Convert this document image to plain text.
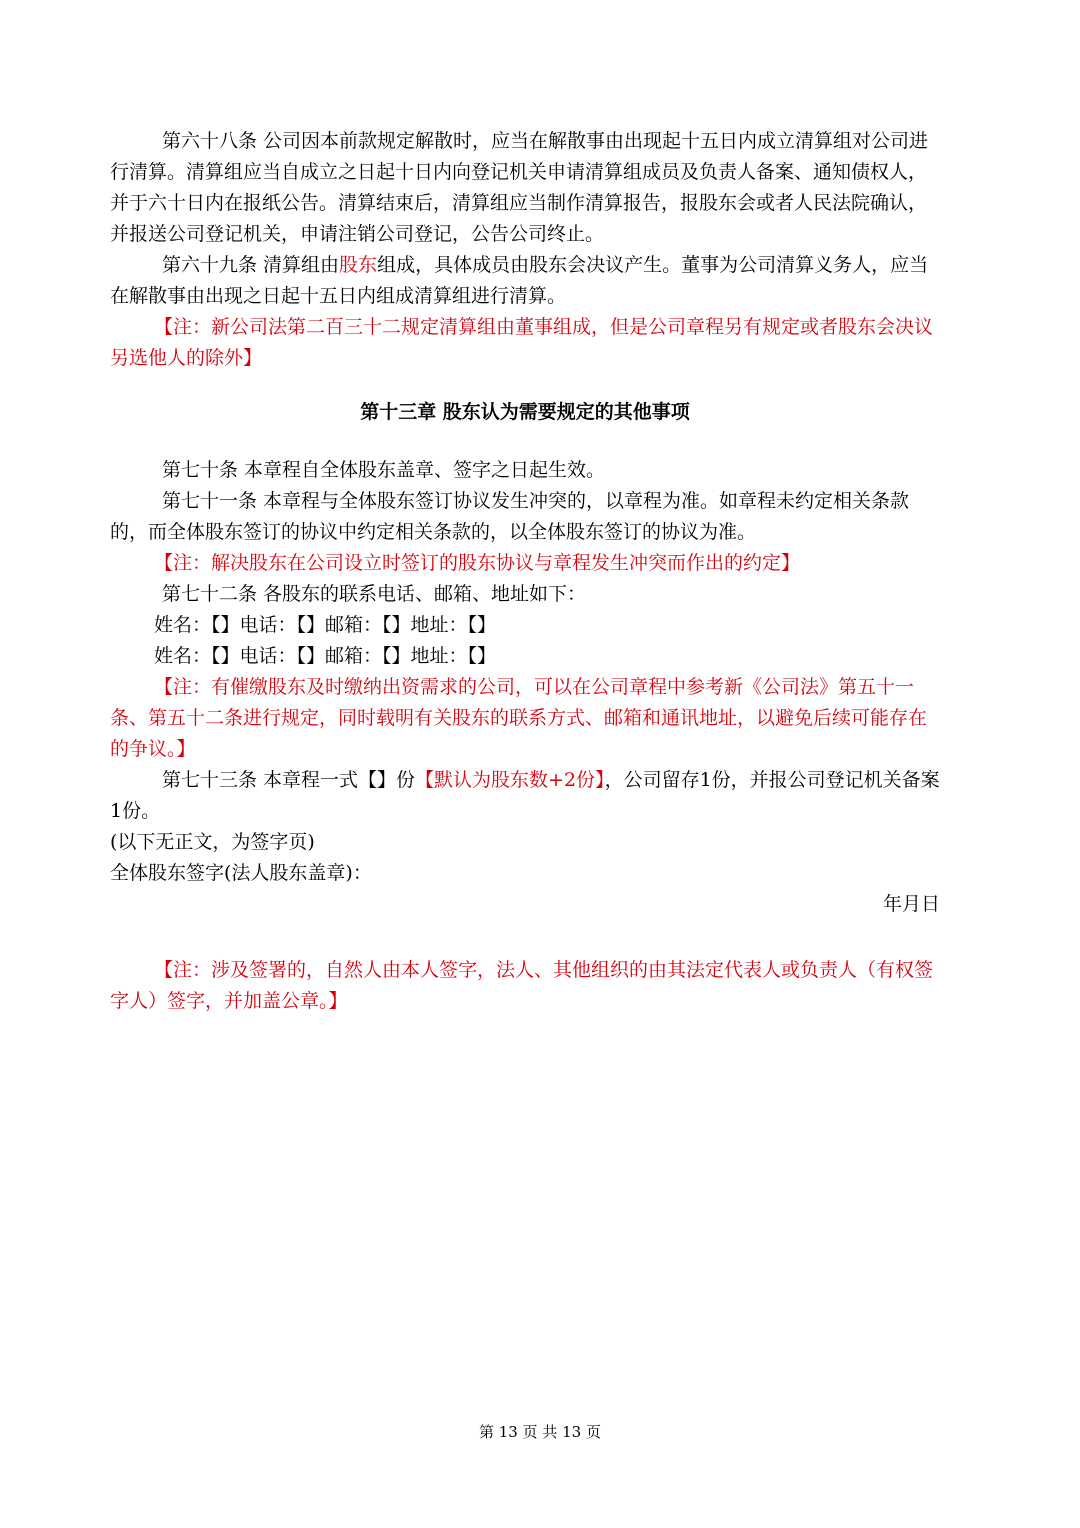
第六十八条 公司因本前款规定解散时，应当在解散事由出现起十五日内成立清算组对公司进行清算。清算组应当自成立之日起十日内向登记机关申请清算组成员及负责人备案、通知债权人，并于六十日内在报纸公告。清算结束后，清算组应当制作清算报告，报股东会或者人民法院确认，并报送公司登记机关，申请注销公司登记，公告公司终止。

第六十九条 清算组由股东组成，具体成员由股东会决议产生。董事为公司清算义务人，应当在解散事由出现之日起十五日内组成清算组进行清算。

【注：新公司法第二百三十二规定清算组由董事组成，但是公司章程另有规定或者股东会决议另选他人的除外】

第十三章 股东认为需要规定的其他事项

第七十条 本章程自全体股东盖章、签字之日起生效。

第七十一条 本章程与全体股东签订协议发生冲突的，以章程为准。如章程未约定相关条款的，而全体股东签订的协议中约定相关条款的，以全体股东签订的协议为准。

【注：解决股东在公司设立时签订的股东协议与章程发生冲突而作出的约定】

第七十二条 各股东的联系电话、邮箱、地址如下：

姓名：【】电话：【】邮箱：【】地址：【】

姓名：【】电话：【】邮箱：【】地址：【】

【注：有催缴股东及时缴纳出资需求的公司，可以在公司章程中参考新《公司法》第五十一条、第五十二条进行规定，同时载明有关股东的联系方式、邮箱和通讯地址，以避免后续可能存在的争议。】

第七十三条 本章程一式【】份【默认为股东数+2份】，公司留存1份，并报公司登记机关备案1份。

(以下无正文，为签字页)

全体股东签字(法人股东盖章)：

年月日

【注：涉及签署的，自然人由本人签字，法人、其他组织的由其法定代表人或负责人（有权签字人）签字，并加盖公章。】

第 13 页 共 13 页
